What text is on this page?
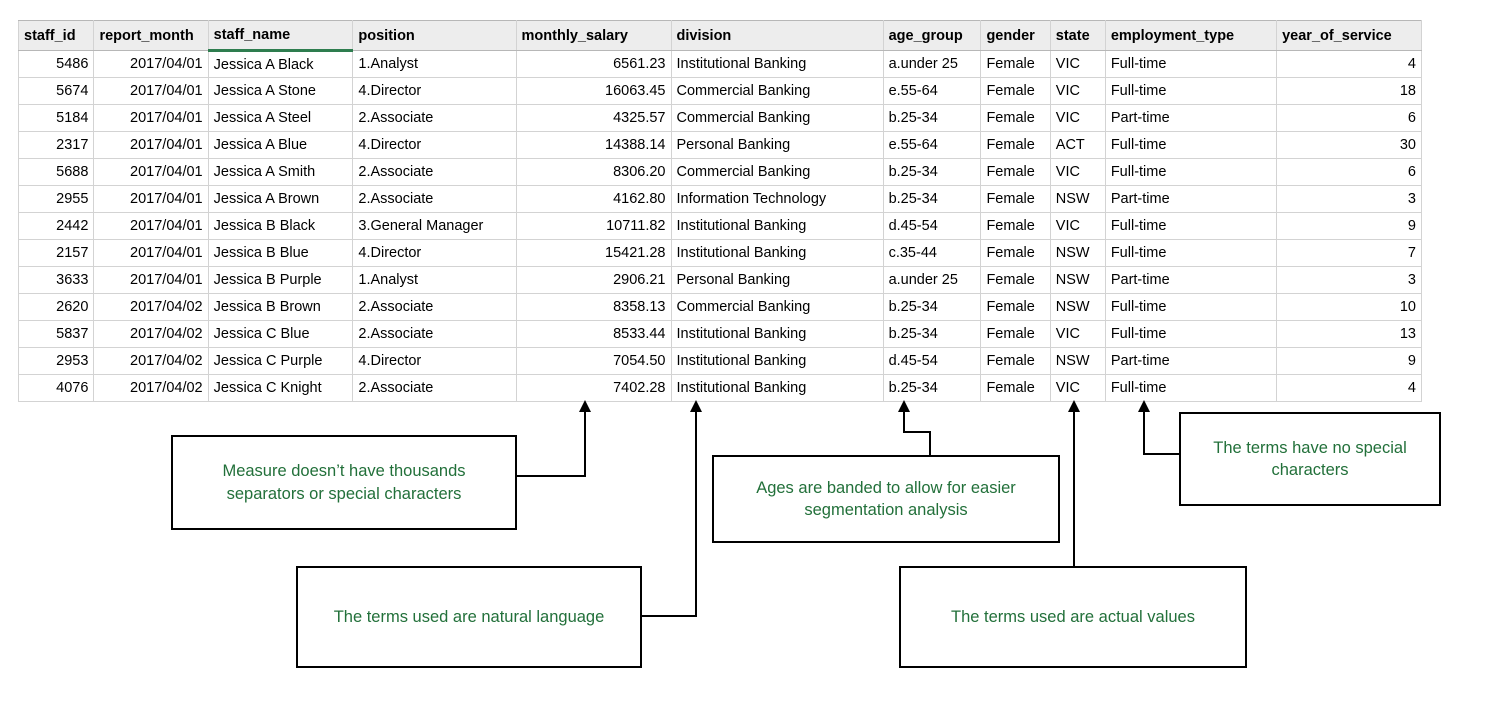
staff_id	report_month	staff_name	position	monthly_salary	division	age_group	gender	state	employment_type	year_of_service
5486	2017/04/01	Jessica A Black	1.Analyst	6561.23	Institutional Banking	a.under 25	Female	VIC	Full-time	4
5674	2017/04/01	Jessica A Stone	4.Director	16063.45	Commercial Banking	e.55-64	Female	VIC	Full-time	18
5184	2017/04/01	Jessica A Steel	2.Associate	4325.57	Commercial Banking	b.25-34	Female	VIC	Part-time	6
2317	2017/04/01	Jessica A Blue	4.Director	14388.14	Personal Banking	e.55-64	Female	ACT	Full-time	30
5688	2017/04/01	Jessica A Smith	2.Associate	8306.20	Commercial Banking	b.25-34	Female	VIC	Full-time	6
2955	2017/04/01	Jessica A Brown	2.Associate	4162.80	Information Technology	b.25-34	Female	NSW	Part-time	3
2442	2017/04/01	Jessica B Black	3.General Manager	10711.82	Institutional Banking	d.45-54	Female	VIC	Full-time	9
2157	2017/04/01	Jessica B Blue	4.Director	15421.28	Institutional Banking	c.35-44	Female	NSW	Full-time	7
3633	2017/04/01	Jessica B Purple	1.Analyst	2906.21	Personal Banking	a.under 25	Female	NSW	Part-time	3
2620	2017/04/02	Jessica B Brown	2.Associate	8358.13	Commercial Banking	b.25-34	Female	NSW	Full-time	10
5837	2017/04/02	Jessica C Blue	2.Associate	8533.44	Institutional Banking	b.25-34	Female	VIC	Full-time	13
2953	2017/04/02	Jessica C Purple	4.Director	7054.50	Institutional Banking	d.45-54	Female	NSW	Part-time	9
4076	2017/04/02	Jessica C Knight	2.Associate	7402.28	Institutional Banking	b.25-34	Female	VIC	Full-time	4
Measure doesn’t have thousands separators or special characters
The terms used are natural language
Ages are banded to allow for easier segmentation analysis
The terms used are actual values
The terms have no special characters
